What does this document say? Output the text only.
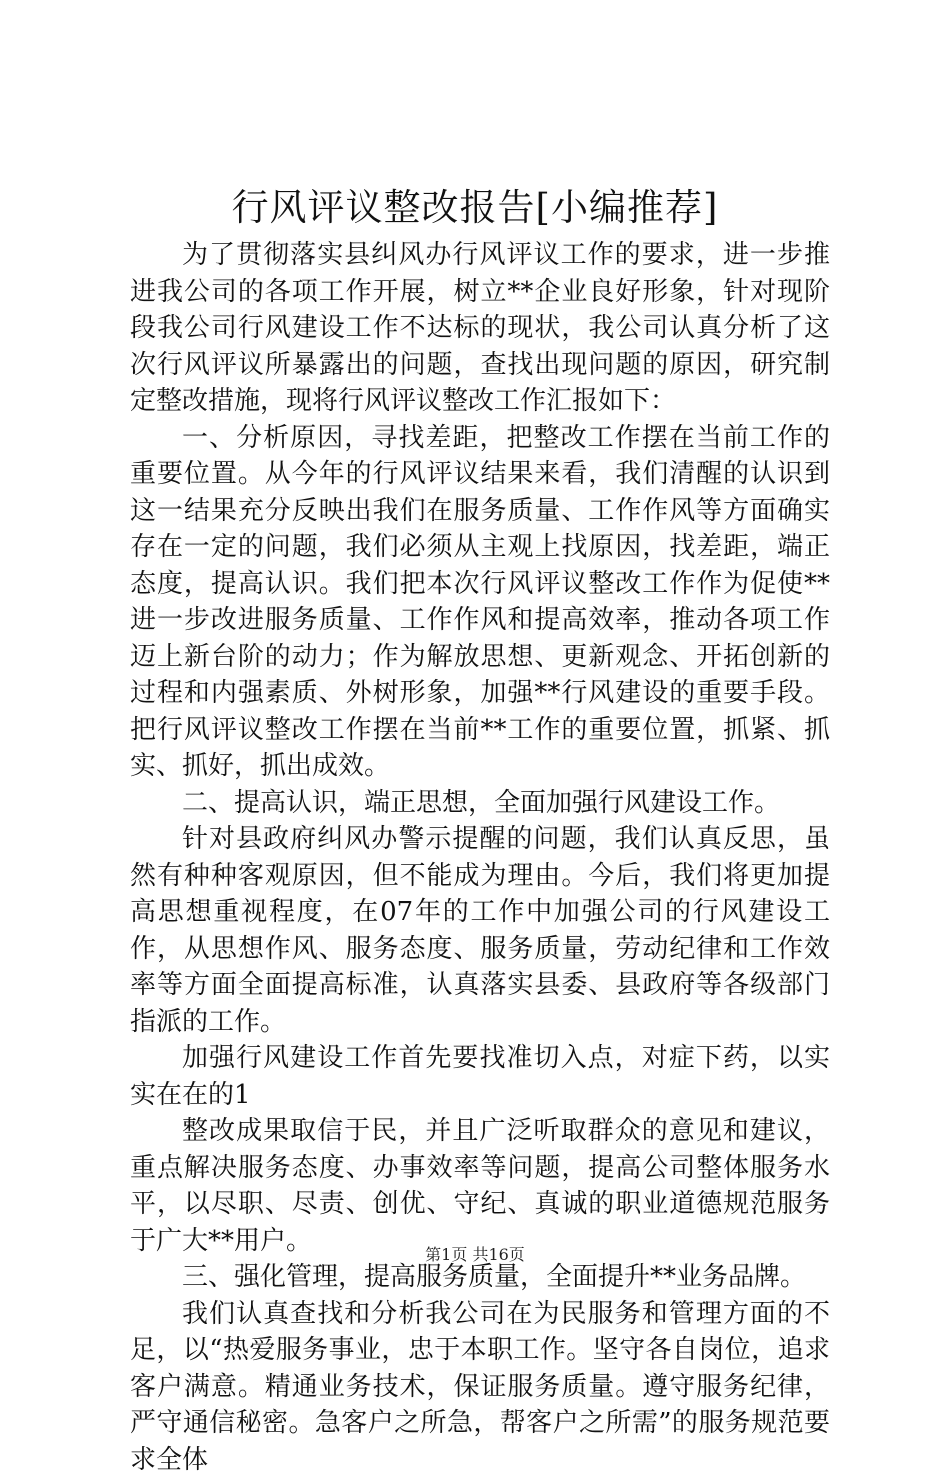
行风评议整改报告[小编推荐]

为了贯彻落实县纠风办行风评议工作的要求，进一步推进我公司的各项工作开展，树立**企业良好形象，针对现阶段我公司行风建设工作不达标的现状，我公司认真分析了这次行风评议所暴露出的问题，查找出现问题的原因，研究制定整改措施，现将行风评议整改工作汇报如下：

一、分析原因，寻找差距，把整改工作摆在当前工作的重要位置。从今年的行风评议结果来看，我们清醒的认识到这一结果充分反映出我们在服务质量、工作作风等方面确实存在一定的问题，我们必须从主观上找原因，找差距，端正态度，提高认识。我们把本次行风评议整改工作作为促使**进一步改进服务质量、工作作风和提高效率，推动各项工作迈上新台阶的动力；作为解放思想、更新观念、开拓创新的过程和内强素质、外树形象，加强**行风建设的重要手段。把行风评议整改工作摆在当前**工作的重要位置，抓紧、抓实、抓好，抓出成效。

二、提高认识，端正思想，全面加强行风建设工作。

针对县政府纠风办警示提醒的问题，我们认真反思，虽然有种种客观原因，但不能成为理由。今后，我们将更加提高思想重视程度，在07年的工作中加强公司的行风建设工作，从思想作风、服务态度、服务质量，劳动纪律和工作效率等方面全面提高标准，认真落实县委、县政府等各级部门指派的工作。

加强行风建设工作首先要找准切入点，对症下药，以实实在在的1

整改成果取信于民，并且广泛听取群众的意见和建议，重点解决服务态度、办事效率等问题，提高公司整体服务水平，以尽职、尽责、创优、守纪、真诚的职业道德规范服务于广大**用户。

三、强化管理，提高服务质量，全面提升**业务品牌。

我们认真查找和分析我公司在为民服务和管理方面的不足，以“热爱服务事业，忠于本职工作。坚守各自岗位，追求客户满意。精通业务技术，保证服务质量。遵守服务纪律，严守通信秘密。急客户之所急，帮客户之所需”的服务规范要求全体

第1页 共16页
